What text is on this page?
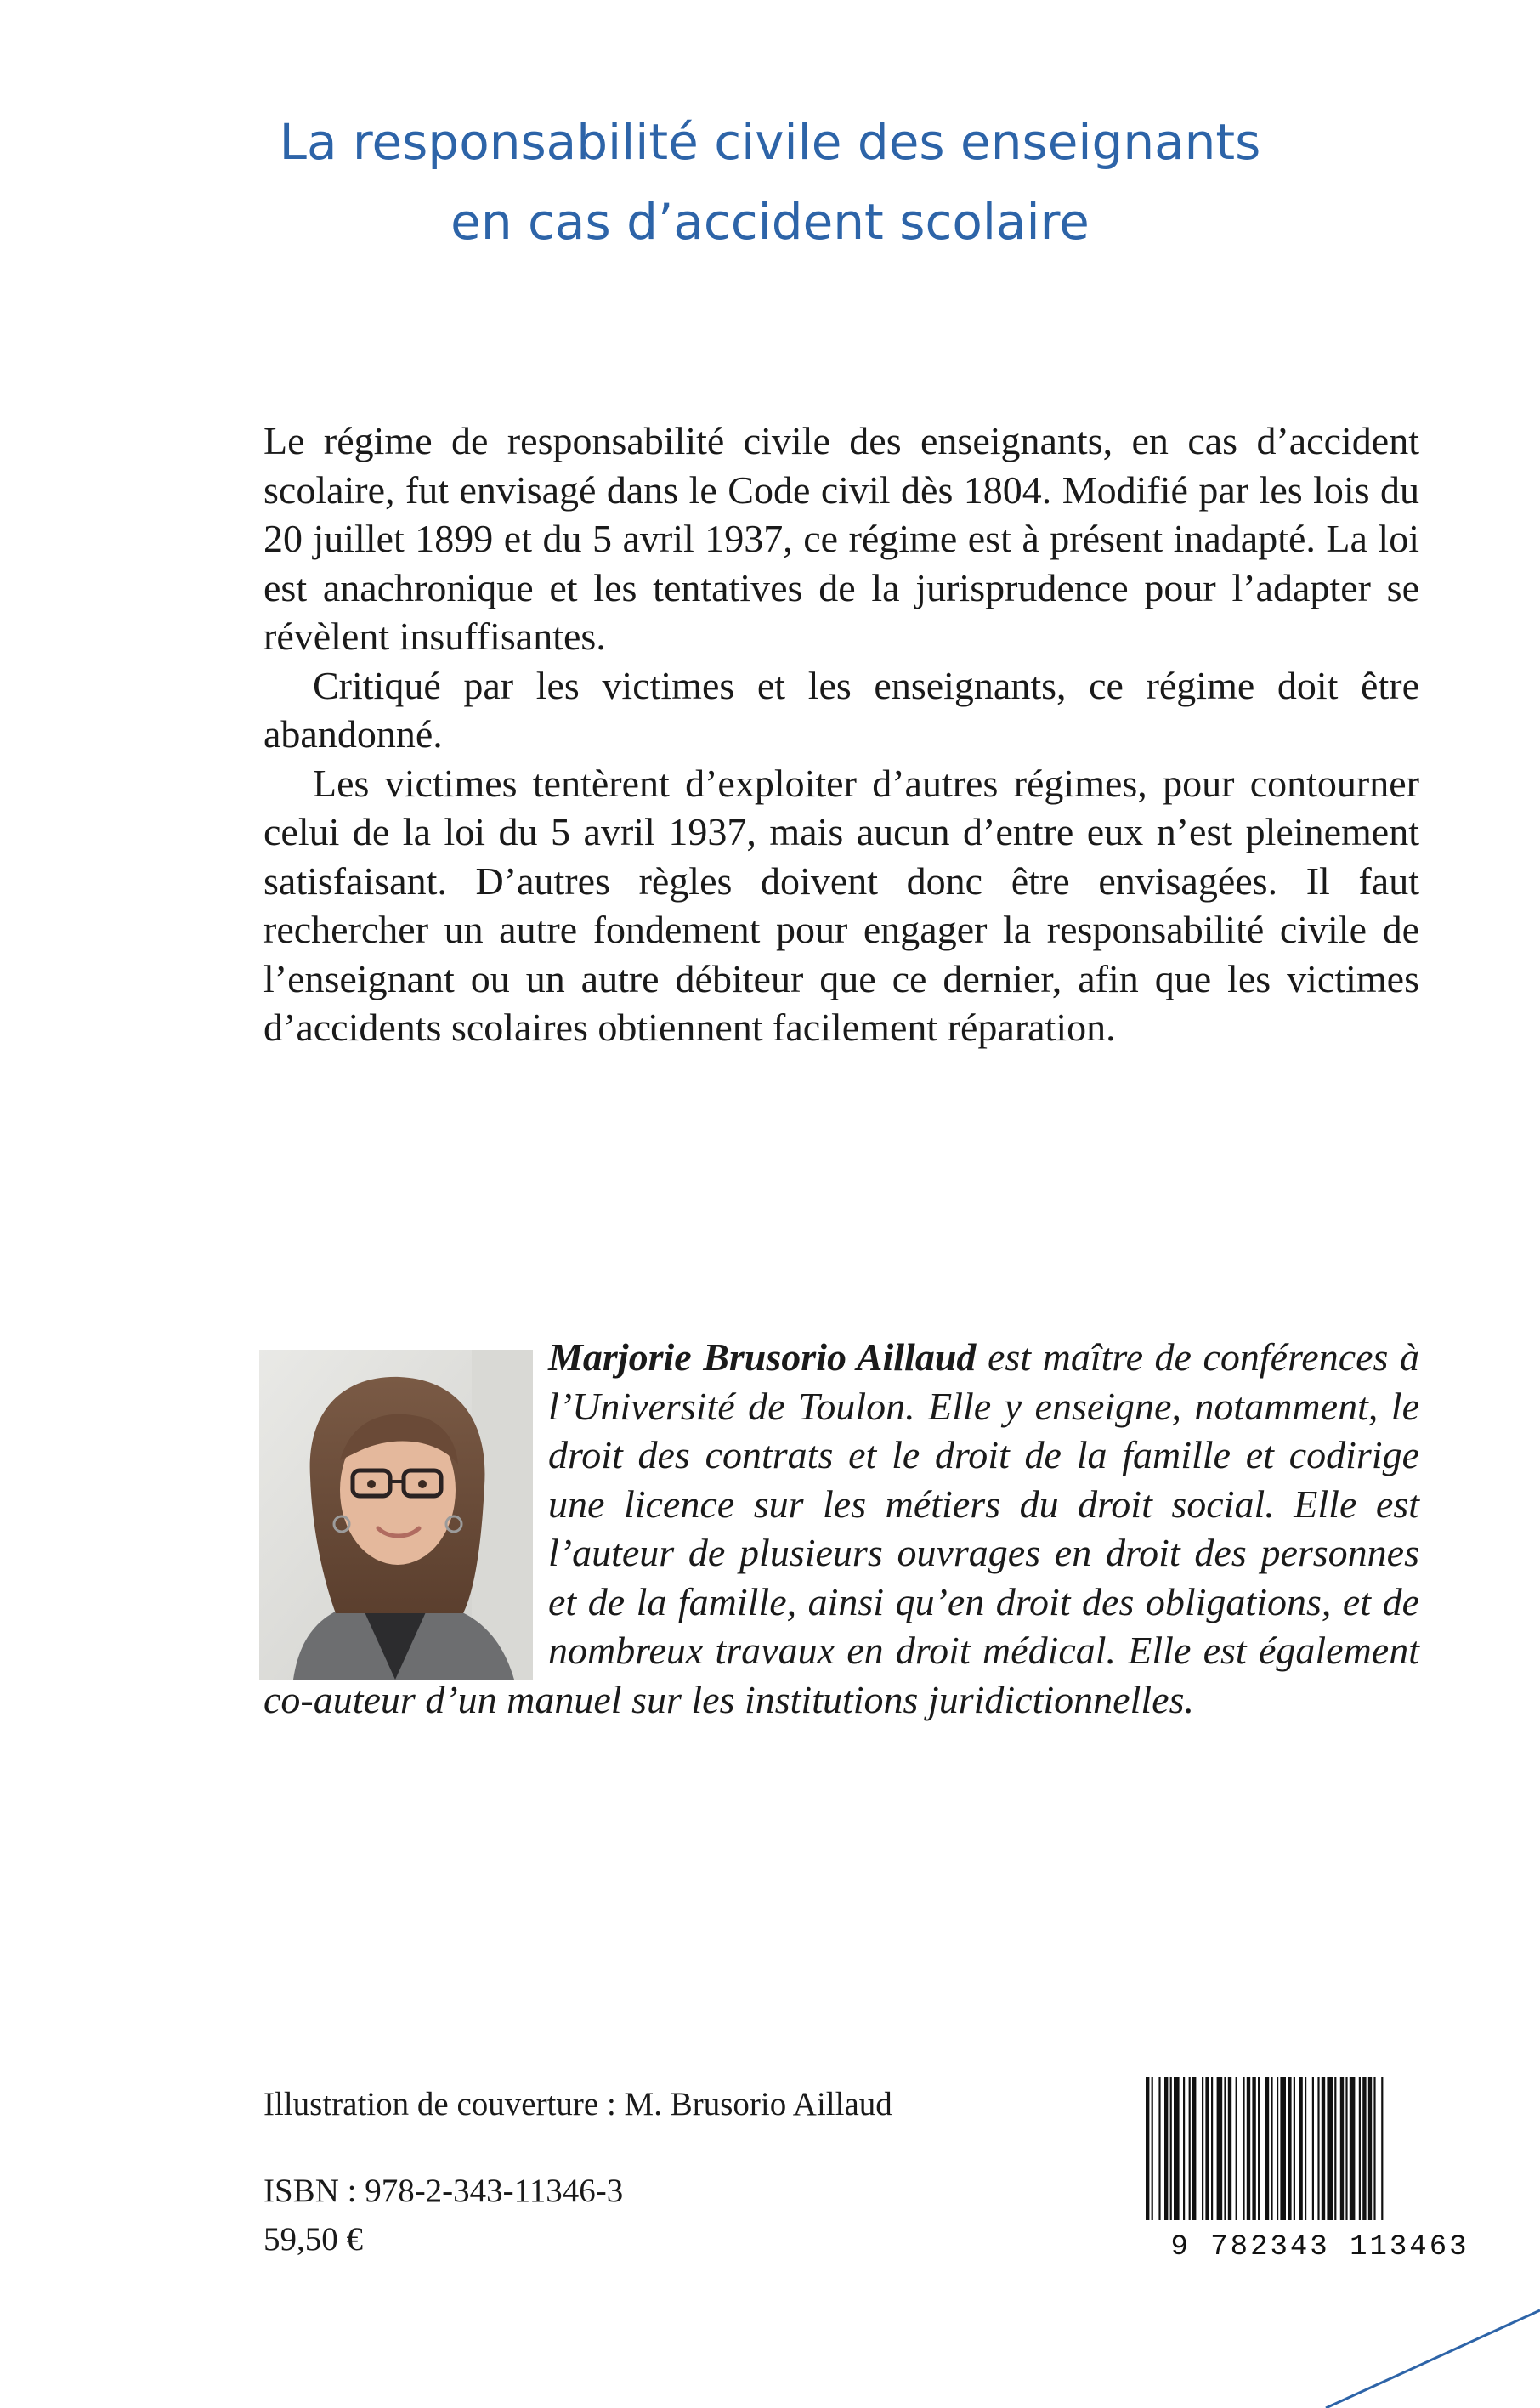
La responsabilité civile des enseignants
en cas d’accident scolaire

Le régime de responsabilité civile des enseignants, en cas d’accident scolaire, fut envisagé dans le Code civil dès 1804. Modifié par les lois du 20 juillet 1899 et du 5 avril 1937, ce régime est à présent inadapté. La loi est anachronique et les tentatives de la jurisprudence pour l’adapter se révèlent insuffisantes.

Critiqué par les victimes et les enseignants, ce régime doit être abandonné.

Les victimes tentèrent d’exploiter d’autres régimes, pour contourner celui de la loi du 5 avril 1937, mais aucun d’entre eux n’est pleinement satisfaisant. D’autres règles doivent donc être envisagées. Il faut rechercher un autre fondement pour engager la responsabilité civile de l’enseignant ou un autre débiteur que ce dernier, afin que les victimes d’accidents scolaires obtiennent facilement réparation.

Marjorie Brusorio Aillaud est maître de conférences à l’Université de Toulon. Elle y enseigne, notamment, le droit des contrats et le droit de la famille et codirige une licence sur les métiers du droit social. Elle est l’auteur de plusieurs ouvrages en droit des personnes et de la famille, ainsi qu’en droit des obligations, et de nombreux travaux en droit médical. Elle est également co-auteur d’un manuel sur les institutions juridictionnelles.
Illustration de couverture : M. Brusorio Aillaud
ISBN : 978-2-343-11346-3
59,50 €	9 782343 113463
